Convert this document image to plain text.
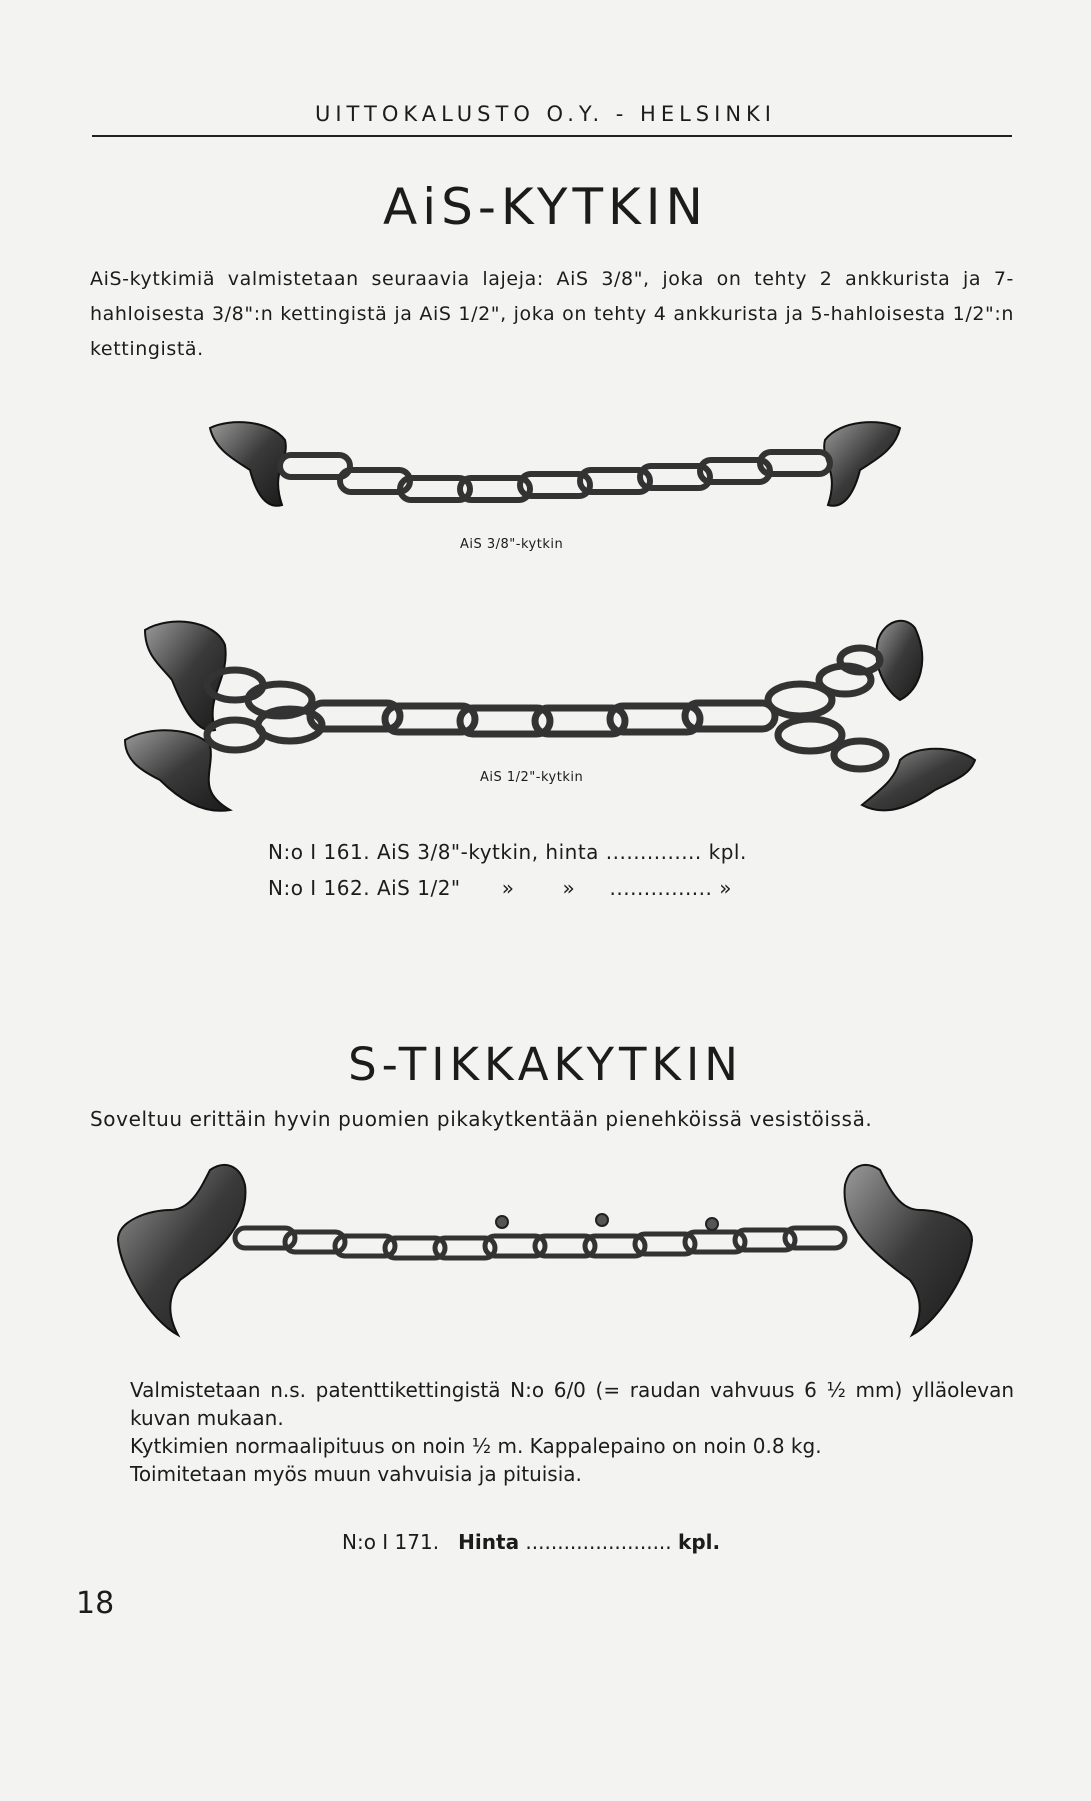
UITTOKALUSTO O.Y. - HELSINKI
AiS-KYTKIN
AiS-kytkimiä valmistetaan seuraavia lajeja: AiS 3/8", joka on tehty 2 ankkurista ja 7-hahloisesta 3/8":n kettingistä ja AiS 1/2", joka on tehty 4 ankkurista ja 5-hahloisesta 1/2":n kettingistä.
AiS 3/8"-kytkin
AiS 1/2"-kytkin
N:o I 161. AiS 3/8"-kytkin, hinta .............. kpl.
N:o I 162. AiS 1/2"      »       »     ............... »
S-TIKKAKYTKIN
Soveltuu erittäin hyvin puomien pikakytkentään pienehköissä vesistöissä.
Valmistetaan n.s. patenttikettingistä N:o 6/0 (= raudan vahvuus 6 ½ mm) ylläolevan kuvan mukaan.
Kytkimien normaalipituus on noin ½ m. Kappalepaino on noin 0.8 kg.
Toimitetaan myös muun vahvuisia ja pituisia.
N:o I 171. Hinta ....................... kpl.
18
